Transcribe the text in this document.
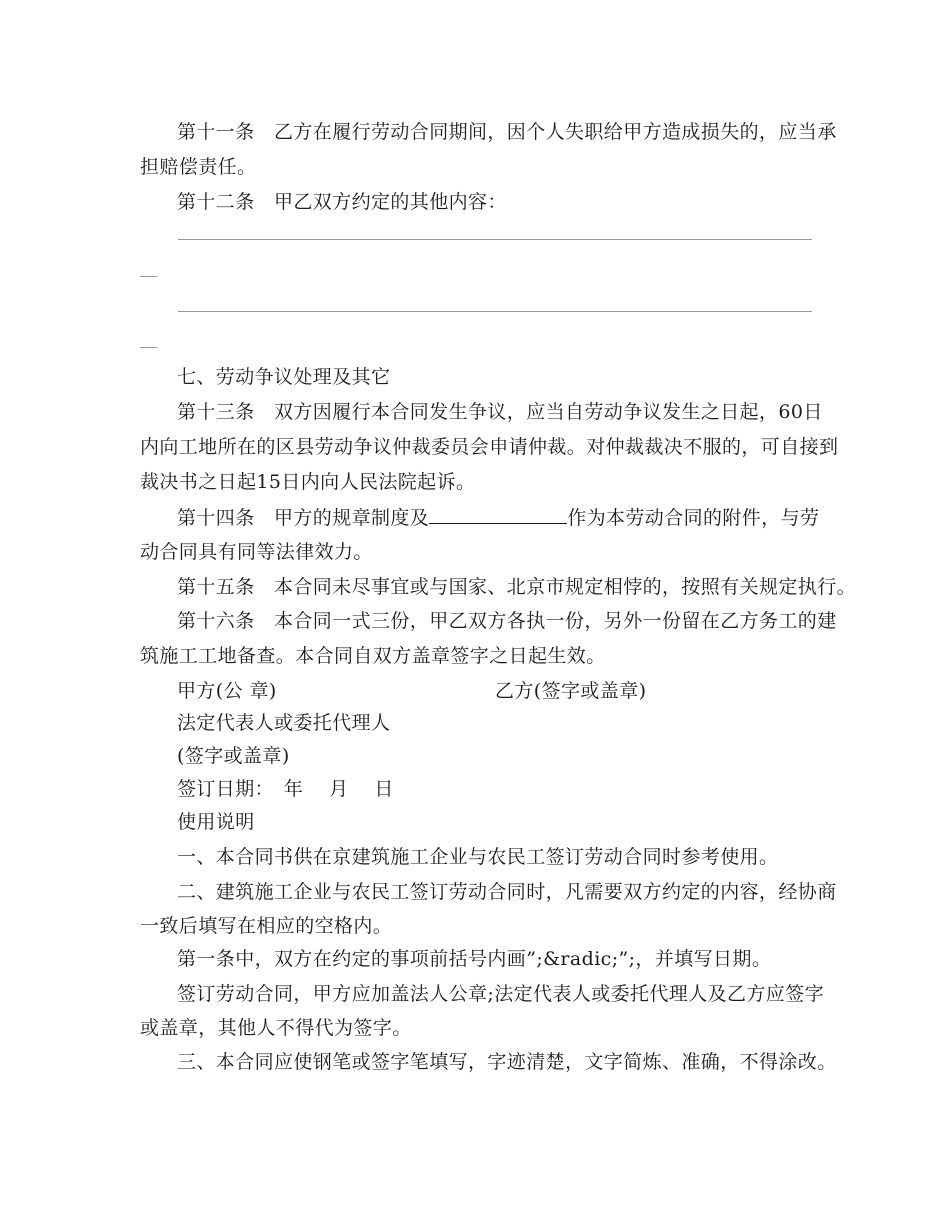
第十一条　乙方在履行劳动合同期间，因个人失职给甲方造成损失的，应当承
担赔偿责任。
第十二条　甲乙双方约定的其他内容：
七、劳动争议处理及其它
第十三条　双方因履行本合同发生争议，应当自劳动争议发生之日起，60日
内向工地所在的区县劳动争议仲裁委员会申请仲裁。对仲裁裁决不服的，可自接到
裁决书之日起15日内向人民法院起诉。
第十四条　甲方的规章制度及	作为本劳动合同的附件，与劳
动合同具有同等法律效力。
第十五条　本合同未尽事宜或与国家、北京市规定相悖的，按照有关规定执行。
第十六条　本合同一式三份，甲乙双方各执一份，另外一份留在乙方务工的建
筑施工工地备查。本合同自双方盖章签字之日起生效。
甲方(公 章)	乙方(签字或盖章)
法定代表人或委托代理人
(签字或盖章)
签订日期：　年　 月　 日
使用说明
一、本合同书供在京建筑施工企业与农民工签订劳动合同时参考使用。
二、建筑施工企业与农民工签订劳动合同时，凡需要双方约定的内容，经协商
一致后填写在相应的空格内。
第一条中，双方在约定的事项前括号内画”;&radic;”;，并填写日期。
签订劳动合同，甲方应加盖法人公章;法定代表人或委托代理人及乙方应签字
或盖章，其他人不得代为签字。
三、本合同应使钢笔或签字笔填写，字迹清楚，文字简炼、准确，不得涂改。
